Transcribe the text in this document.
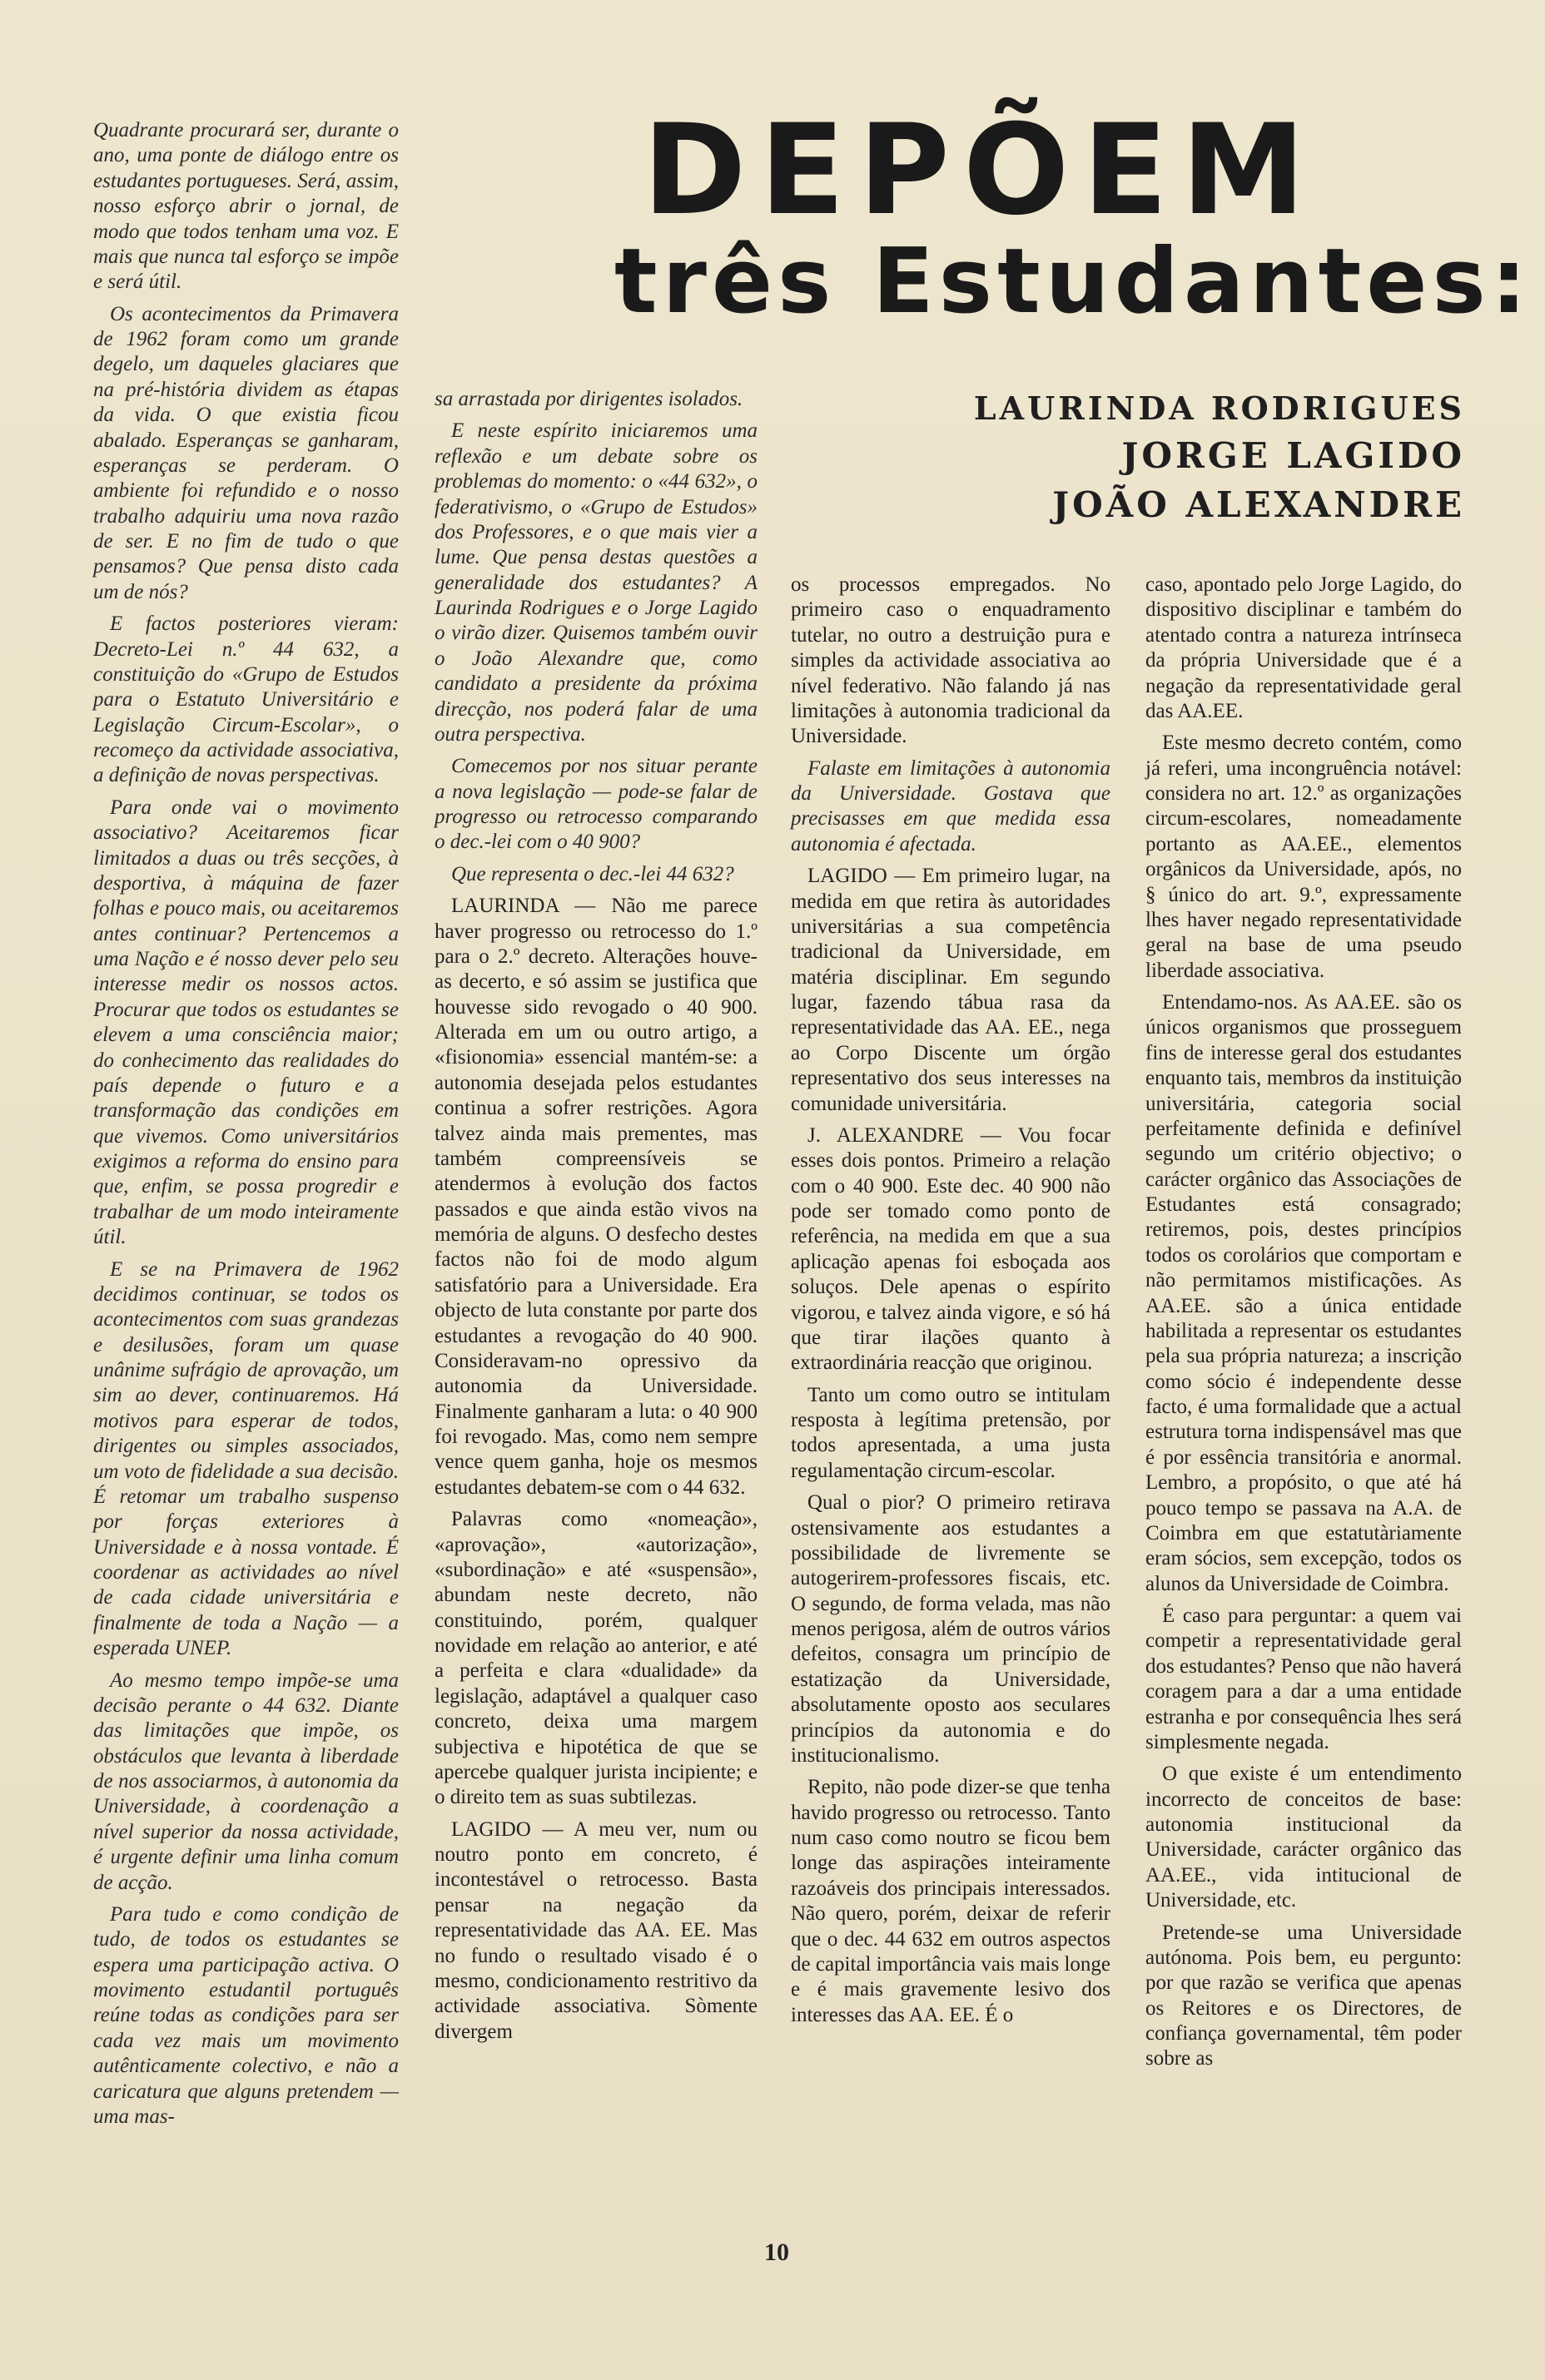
DEPÕEM
três Estudantes:
LAURINDA RODRIGUES
JORGE LAGIDO
JOÃO ALEXANDRE

Quadrante procurará ser, durante o ano, uma ponte de diálogo entre os estudantes portugueses. Será, assim, nosso esforço abrir o jornal, de modo que todos tenham uma voz. E mais que nunca tal esforço se impõe e será útil.

Os acontecimentos da Primavera de 1962 foram como um grande degelo, um daqueles glaciares que na pré-história dividem as étapas da vida. O que existia ficou abalado. Esperanças se ganharam, esperanças se perderam. O ambiente foi refundido e o nosso trabalho adquiriu uma nova razão de ser. E no fim de tudo o que pensamos? Que pensa disto cada um de nós?

E factos posteriores vieram: Decreto-Lei n.º 44 632, a constituição do «Grupo de Estudos para o Estatuto Universitário e Legislação Circum-Escolar», o recomeço da actividade associativa, a definição de novas perspectivas.

Para onde vai o movimento associativo? Aceitaremos ficar limitados a duas ou três secções, à desportiva, à máquina de fazer folhas e pouco mais, ou aceitaremos antes continuar? Pertencemos a uma Nação e é nosso dever pelo seu interesse medir os nossos actos. Procurar que todos os estudantes se elevem a uma consciência maior; do conhecimento das realidades do país depende o futuro e a transformação das condições em que vivemos. Como universitários exigimos a reforma do ensino para que, enfim, se possa progredir e trabalhar de um modo inteiramente útil.

E se na Primavera de 1962 decidimos continuar, se todos os acontecimentos com suas grandezas e desilusões, foram um quase unânime sufrágio de aprovação, um sim ao dever, continuaremos. Há motivos para esperar de todos, dirigentes ou simples associados, um voto de fidelidade a sua decisão. É retomar um trabalho suspenso por forças exteriores à Universidade e à nossa vontade. É coordenar as actividades ao nível de cada cidade universitária e finalmente de toda a Nação — a esperada UNEP.

Ao mesmo tempo impõe-se uma decisão perante o 44 632. Diante das limitações que impõe, os obstáculos que levanta à liberdade de nos associarmos, à autonomia da Universidade, à coordenação a nível superior da nossa actividade, é urgente definir uma linha comum de acção.

Para tudo e como condição de tudo, de todos os estudantes se espera uma participação activa. O movimento estudantil português reúne todas as condições para ser cada vez mais um movimento autênticamente colectivo, e não a caricatura que alguns pretendem — uma mas-

sa arrastada por dirigentes isolados.

E neste espírito iniciaremos uma reflexão e um debate sobre os problemas do momento: o «44 632», o federativismo, o «Grupo de Estudos» dos Professores, e o que mais vier a lume. Que pensa destas questões a generalidade dos estudantes? A Laurinda Rodrigues e o Jorge Lagido o virão dizer. Quisemos também ouvir o João Alexandre que, como candidato a presidente da próxima direcção, nos poderá falar de uma outra perspectiva.

Comecemos por nos situar perante a nova legislação — pode-se falar de progresso ou retrocesso comparando o dec.-lei com o 40 900?

Que representa o dec.-lei 44 632?

LAURINDA — Não me parece haver progresso ou retrocesso do 1.º para o 2.º decreto. Alterações houve-as decerto, e só assim se justifica que houvesse sido revogado o 40 900. Alterada em um ou outro artigo, a «fisionomia» essencial mantém-se: a autonomia desejada pelos estudantes continua a sofrer restrições. Agora talvez ainda mais prementes, mas também compreensíveis se atendermos à evolução dos factos passados e que ainda estão vivos na memória de alguns. O desfecho destes factos não foi de modo algum satisfatório para a Universidade. Era objecto de luta constante por parte dos estudantes a revogação do 40 900. Consideravam-no opressivo da autonomia da Universidade. Finalmente ganharam a luta: o 40 900 foi revogado. Mas, como nem sempre vence quem ganha, hoje os mesmos estudantes debatem-se com o 44 632.

Palavras como «nomeação», «aprovação», «autorização», «subordinação» e até «suspensão», abundam neste decreto, não constituindo, porém, qualquer novidade em relação ao anterior, e até a perfeita e clara «dualidade» da legislação, adaptável a qualquer caso concreto, deixa uma margem subjectiva e hipotética de que se apercebe qualquer jurista incipiente; e o direito tem as suas subtilezas.

LAGIDO — A meu ver, num ou noutro ponto em concreto, é incontestável o retrocesso. Basta pensar na negação da representatividade das AA. EE. Mas no fundo o resultado visado é o mesmo, condicionamento restritivo da actividade associativa. Sòmente divergem

os processos empregados. No primeiro caso o enquadramento tutelar, no outro a destruição pura e simples da actividade associativa ao nível federativo. Não falando já nas limitações à autonomia tradicional da Universidade.

Falaste em limitações à autonomia da Universidade. Gostava que precisasses em que medida essa autonomia é afectada.

LAGIDO — Em primeiro lugar, na medida em que retira às autoridades universitárias a sua competência tradicional da Universidade, em matéria disciplinar. Em segundo lugar, fazendo tábua rasa da representatividade das AA. EE., nega ao Corpo Discente um órgão representativo dos seus interesses na comunidade universitária.

J. ALEXANDRE — Vou focar esses dois pontos. Primeiro a relação com o 40 900. Este dec. 40 900 não pode ser tomado como ponto de referência, na medida em que a sua aplicação apenas foi esboçada aos soluços. Dele apenas o espírito vigorou, e talvez ainda vigore, e só há que tirar ilações quanto à extraordinária reacção que originou.

Tanto um como outro se intitulam resposta à legítima pretensão, por todos apresentada, a uma justa regulamentação circum-escolar.

Qual o pior? O primeiro retirava ostensivamente aos estudantes a possibilidade de livremente se autogerirem-professores fiscais, etc. O segundo, de forma velada, mas não menos perigosa, além de outros vários defeitos, consagra um princípio de estatização da Universidade, absolutamente oposto aos seculares princípios da autonomia e do institucionalismo.

Repito, não pode dizer-se que tenha havido progresso ou retrocesso. Tanto num caso como noutro se ficou bem longe das aspirações inteiramente razoáveis dos principais interessados. Não quero, porém, deixar de referir que o dec. 44 632 em outros aspectos de capital importância vais mais longe e é mais gravemente lesivo dos interesses das AA. EE. É o

caso, apontado pelo Jorge Lagido, do dispositivo disciplinar e também do atentado contra a natureza intrínseca da própria Universidade que é a negação da representatividade geral das AA.EE.

Este mesmo decreto contém, como já referi, uma incongruência notável: considera no art. 12.º as organizações circum-escolares, nomeadamente portanto as AA.EE., elementos orgânicos da Universidade, após, no § único do art. 9.º, expressamente lhes haver negado representatividade geral na base de uma pseudo liberdade associativa.

Entendamo-nos. As AA.EE. são os únicos organismos que prosseguem fins de interesse geral dos estudantes enquanto tais, membros da instituição universitária, categoria social perfeitamente definida e definível segundo um critério objectivo; o carácter orgânico das Associações de Estudantes está consagrado; retiremos, pois, destes princípios todos os corolários que comportam e não permitamos mistificações. As AA.EE. são a única entidade habilitada a representar os estudantes pela sua própria natureza; a inscrição como sócio é independente desse facto, é uma formalidade que a actual estrutura torna indispensável mas que é por essência transitória e anormal. Lembro, a propósito, o que até há pouco tempo se passava na A.A. de Coimbra em que estatutàriamente eram sócios, sem excepção, todos os alunos da Universidade de Coimbra.

É caso para perguntar: a quem vai competir a representatividade geral dos estudantes? Penso que não haverá coragem para a dar a uma entidade estranha e por consequência lhes será simplesmente negada.

O que existe é um entendimento incorrecto de conceitos de base: autonomia institucional da Universidade, carácter orgânico das AA.EE., vida intitucional de Universidade, etc.

Pretende-se uma Universidade autónoma. Pois bem, eu pergunto: por que razão se verifica que apenas os Reitores e os Directores, de confiança governamental, têm poder sobre as

10
